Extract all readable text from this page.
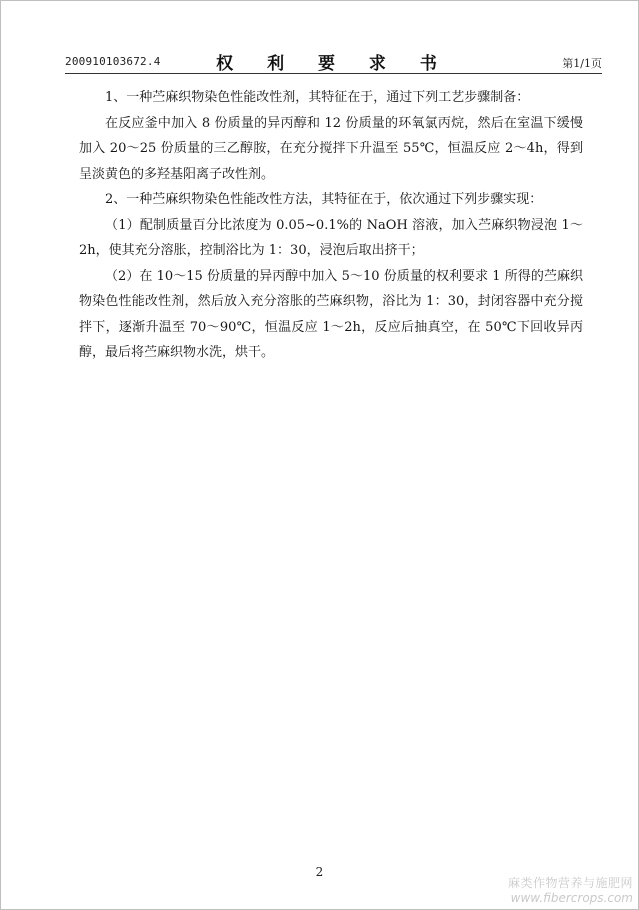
200910103672.4	权 利 要 求 书	第1/1页

1、一种苎麻织物染色性能改性剂，其特征在于，通过下列工艺步骤制备：

在反应釜中加入 8 份质量的异丙醇和 12 份质量的环氧氯丙烷，然后在室温下缓慢加入 20～25 份质量的三乙醇胺，在充分搅拌下升温至 55℃，恒温反应 2～4h，得到呈淡黄色的多羟基阳离子改性剂。

2、一种苎麻织物染色性能改性方法，其特征在于，依次通过下列步骤实现：

（1）配制质量百分比浓度为 0.05~0.1%的 NaOH 溶液，加入苎麻织物浸泡 1～2h，使其充分溶胀，控制浴比为 1：30，浸泡后取出挤干；

（2）在 10～15 份质量的异丙醇中加入 5～10 份质量的权利要求 1 所得的苎麻织物染色性能改性剂，然后放入充分溶胀的苎麻织物，浴比为 1：30，封闭容器中充分搅拌下，逐渐升温至 70～90℃，恒温反应 1～2h，反应后抽真空，在 50℃下回收异丙醇，最后将苎麻织物水洗，烘干。

2
麻类作物营养与施肥网
www.fibercrops.com
